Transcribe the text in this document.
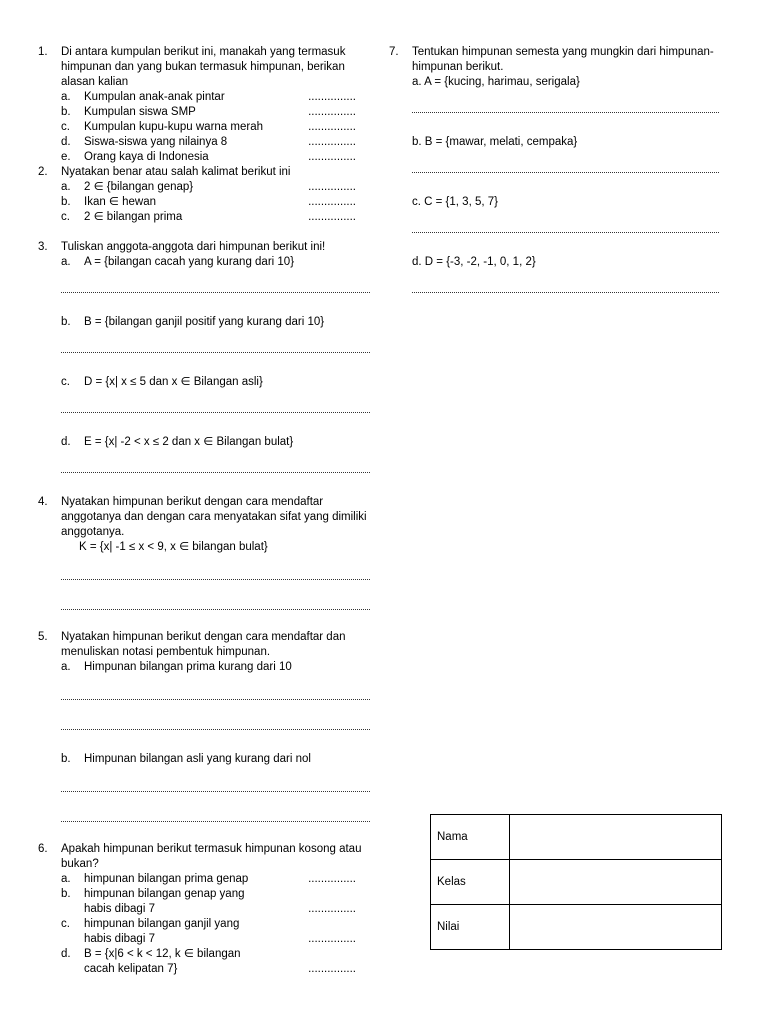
1. Di antara kumpulan berikut ini, manakah yang termasuk himpunan dan yang bukan termasuk himpunan, berikan alasan kalian
a. Kumpulan anak-anak pintar	...............
b. Kumpulan siswa SMP	...............
c. Kumpulan kupu-kupu warna merah	...............
d. Siswa-siswa yang nilainya 8	...............
e. Orang kaya di Indonesia	...............
2. Nyatakan benar atau salah kalimat berikut ini
a. 2 ∈ {bilangan genap}	...............
b. Ikan ∈ hewan	...............
c. 2 ∈ bilangan prima	...............
3. Tuliskan anggota-anggota dari himpunan berikut ini!
a. A = {bilangan cacah yang kurang dari 10}
b. B = {bilangan ganjil positif yang kurang dari 10}
c. D = {x| x ≤ 5 dan x ∈ Bilangan asli}
d. E = {x| -2 < x ≤ 2 dan x ∈ Bilangan bulat}
4. Nyatakan himpunan berikut dengan cara mendaftar anggotanya dan dengan cara menyatakan sifat yang dimiliki anggotanya.
K = {x| -1 ≤ x < 9, x ∈ bilangan bulat}
5. Nyatakan himpunan berikut dengan cara mendaftar dan menuliskan notasi pembentuk himpunan.
a. Himpunan bilangan prima kurang dari 10
b. Himpunan bilangan asli yang kurang dari nol
6. Apakah himpunan berikut termasuk himpunan kosong atau bukan?
a. himpunan bilangan prima genap	...............
b. himpunan bilangan genap yang
habis dibagi 7	...............
c. himpunan bilangan ganjil yang
habis dibagi 7	...............
d. B = {x|6 < k < 12, k ∈ bilangan
cacah kelipatan 7}	...............
7. Tentukan himpunan semesta yang mungkin dari himpunan-himpunan berikut.
a. A = {kucing, harimau, serigala}
b. B = {mawar, melati, cempaka}
c. C = {1, 3, 5, 7}
d. D = {-3, -2, -1, 0, 1, 2}
Nama	
Kelas	
Nilai	
